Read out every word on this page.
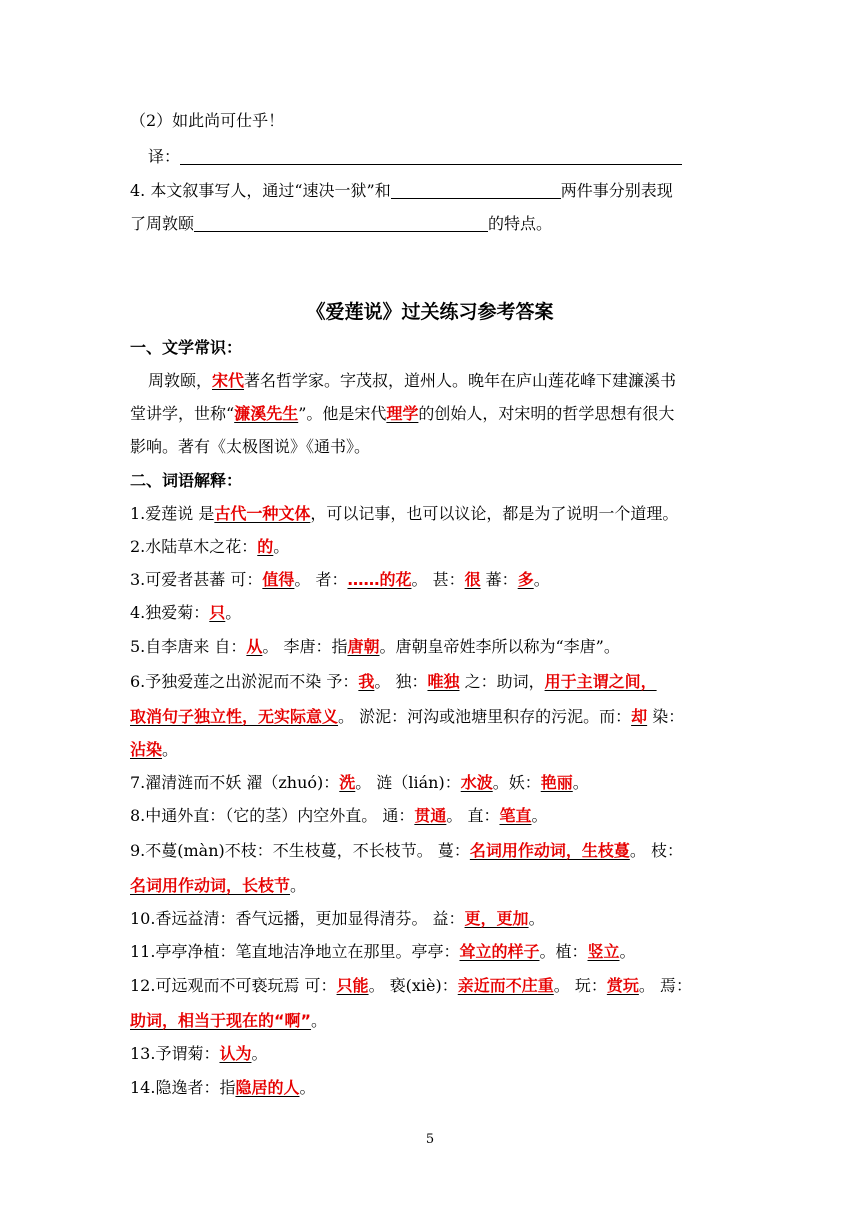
（2）如此尚可仕乎！
译：
4. 本文叙事写人，通过“速决一狱”和	两件事分别表现
了周敦颐	的特点。
《爱莲说》过关练习参考答案
一、文学常识：
周敦颐，宋代著名哲学家。字茂叔，道州人。晚年在庐山莲花峰下建濂溪书
堂讲学，世称“濂溪先生”。他是宋代理学的创始人，对宋明的哲学思想有很大
影响。著有《太极图说》《通书》。
二、词语解释：
1.爱莲说 是古代一种文体，可以记事，也可以议论，都是为了说明一个道理。
2.水陆草木之花：的。
3.可爱者甚蕃 可：值得。 者：……的花。 甚：很 蕃：多。
4.独爱菊：只。
5.自李唐来 自：从。 李唐：指唐朝。唐朝皇帝姓李所以称为“李唐”。
6.予独爱莲之出淤泥而不染 予：我。 独：唯独 之：助词，用于主谓之间，
取消句子独立性，无实际意义。 淤泥：河沟或池塘里积存的污泥。而：却 染：
沾染。
7.濯清涟而不妖 濯（zhuó)：洗。 涟（lián)：水波。妖：艳丽。
8.中通外直：（它的茎）内空外直。 通：贯通。 直：笔直。
9.不蔓(màn)不枝：不生枝蔓，不长枝节。 蔓：名词用作动词，生枝蔓。 枝：
名词用作动词，长枝节。
10.香远益清：香气远播，更加显得清芬。 益：更，更加。
11.亭亭净植：笔直地洁净地立在那里。亭亭：耸立的样子。植：竖立。
12.可远观而不可亵玩焉 可：只能。 亵(xiè)：亲近而不庄重。 玩：赏玩。 焉：
助词，相当于现在的“啊”。
13.予谓菊：认为。
14.隐逸者：指隐居的人。
5
